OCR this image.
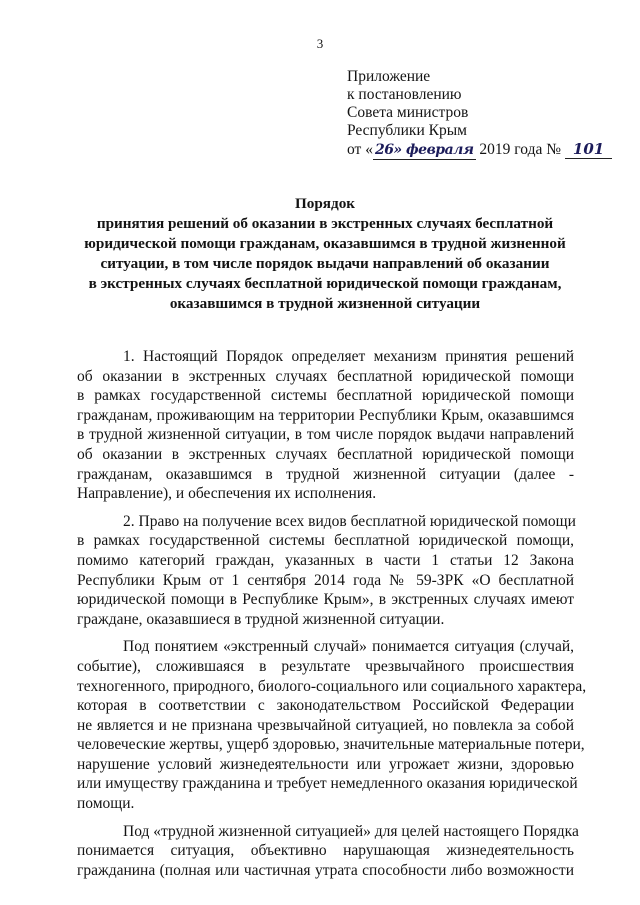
3
Приложение
к постановлению
Совета министров
Республики Крым
от « 26» февраля 2019 года № 101
Порядок
принятия решений об оказании в экстренных случаях бесплатной
юридической помощи гражданам, оказавшимся в трудной жизненной
ситуации, в том числе порядок выдачи направлений об оказании
в экстренных случаях бесплатной юридической помощи гражданам,
оказавшимся в трудной жизненной ситуации

1. Настоящий Порядок определяет механизм принятия решений
об оказании в экстренных случаях бесплатной юридической помощи
в рамках государственной системы бесплатной юридической помощи
гражданам, проживающим на территории Республики Крым, оказавшимся
в трудной жизненной ситуации, в том числе порядок выдачи направлений
об оказании в экстренных случаях бесплатной юридической помощи
гражданам, оказавшимся в трудной жизненной ситуации (далее -
Направление), и обеспечения их исполнения.

2. Право на получение всех видов бесплатной юридической помощи
в рамках государственной системы бесплатной юридической помощи,
помимо категорий граждан, указанных в части 1 статьи 12 Закона
Республики Крым от 1 сентября 2014 года № 59-ЗРК «О бесплатной
юридической помощи в Республике Крым», в экстренных случаях имеют
граждане, оказавшиеся в трудной жизненной ситуации.

Под понятием «экстренный случай» понимается ситуация (случай,
событие), сложившаяся в результате чрезвычайного происшествия
техногенного, природного, биолого-социального или социального характера,
которая в соответствии с законодательством Российской Федерации
не является и не признана чрезвычайной ситуацией, но повлекла за собой
человеческие жертвы, ущерб здоровью, значительные материальные потери,
нарушение условий жизнедеятельности или угрожает жизни, здоровью
или имуществу гражданина и требует немедленного оказания юридической
помощи.

Под «трудной жизненной ситуацией» для целей настоящего Порядка
понимается ситуация, объективно нарушающая жизнедеятельность
гражданина (полная или частичная утрата способности либо возможности
